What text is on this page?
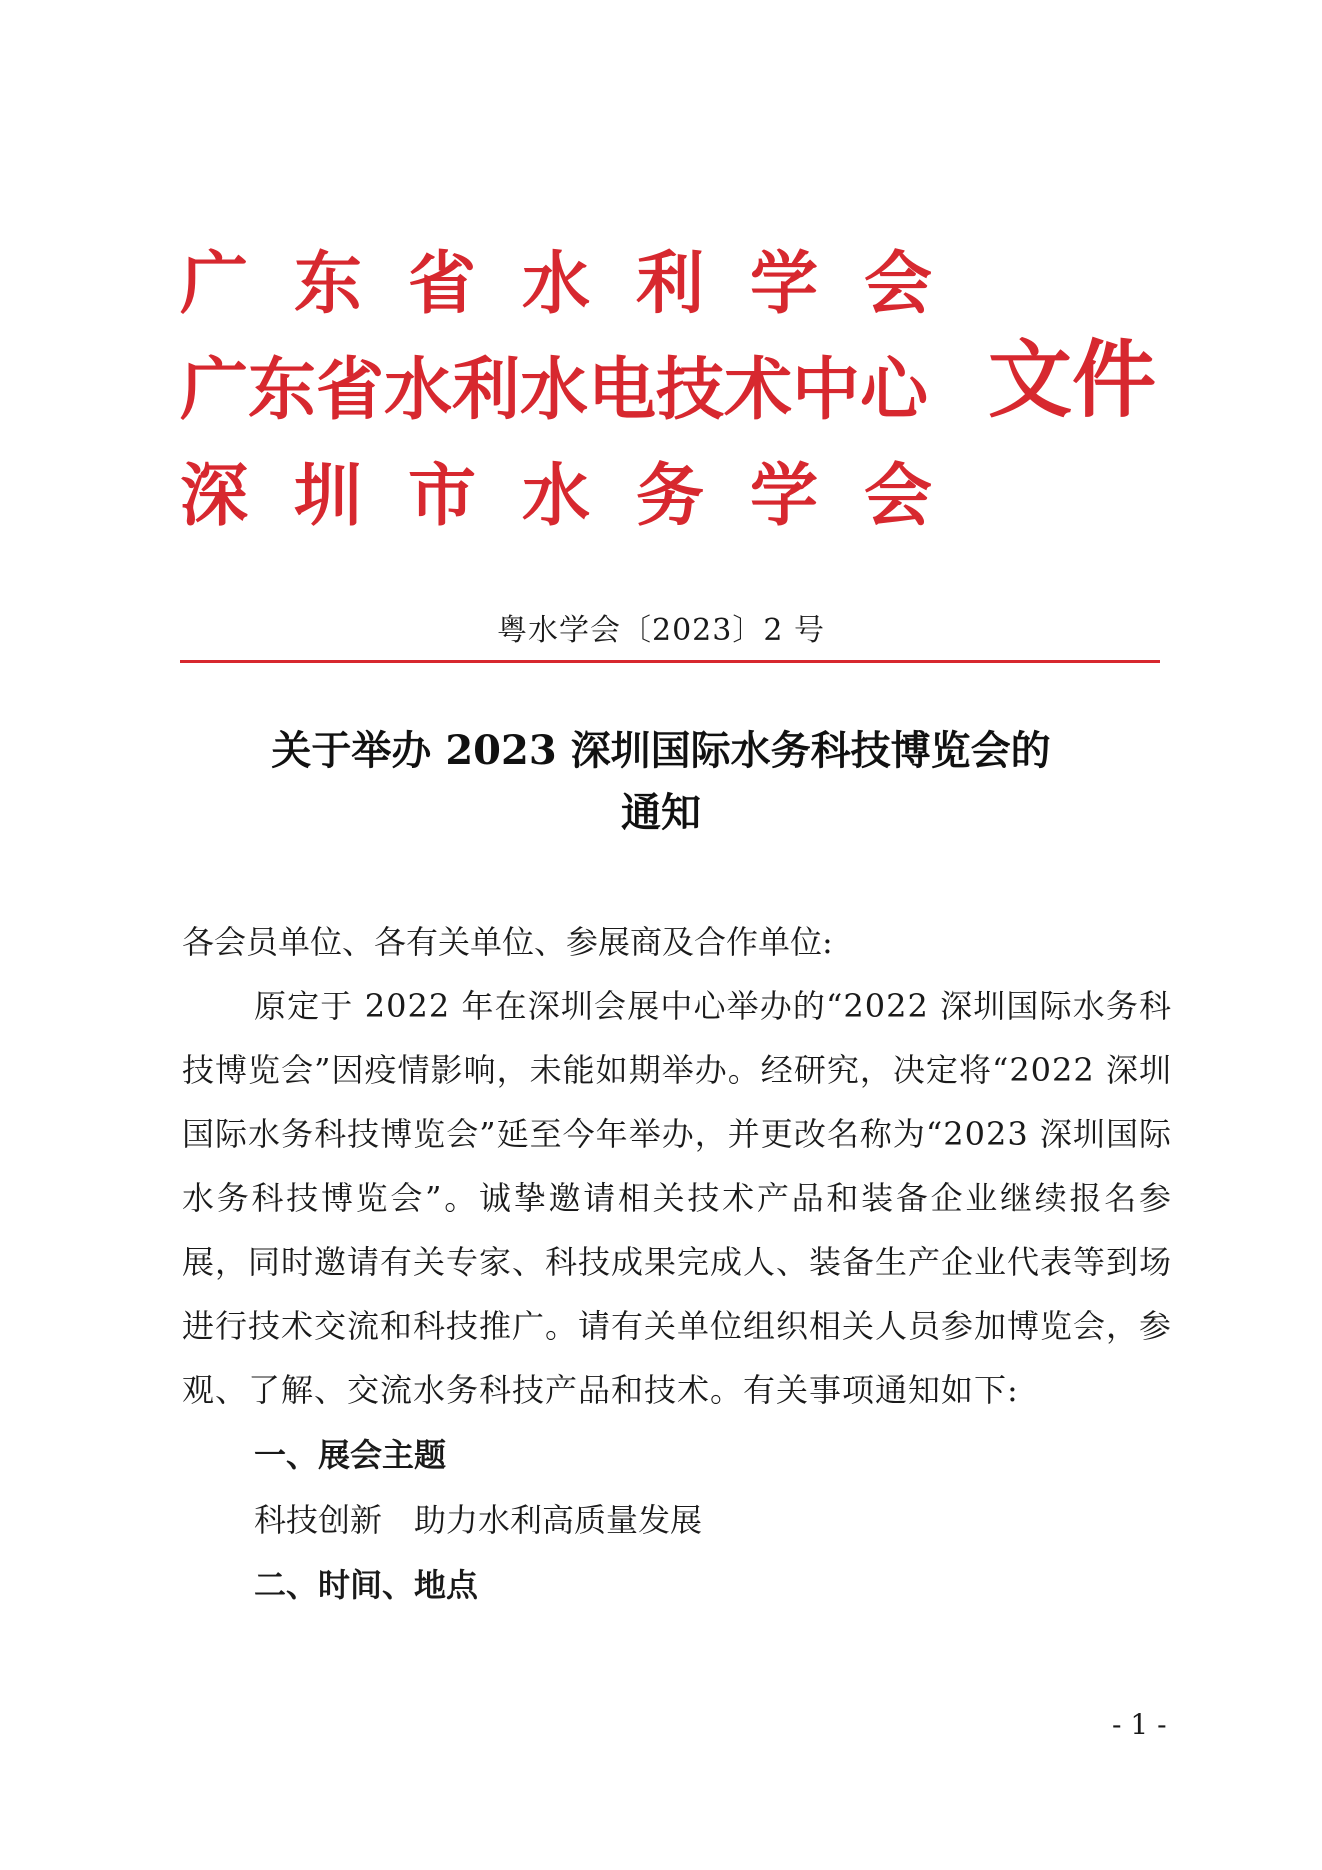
广东省水利学会
广东省水利水电技术中心
深圳市水务学会
文件
粤水学会〔2023〕2 号
关于举办 2023 深圳国际水务科技博览会的
通知

各会员单位、各有关单位、参展商及合作单位:

原定于 2022 年在深圳会展中心举办的“2022 深圳国际水务科技博览会”因疫情影响，未能如期举办。经研究，决定将“2022 深圳国际水务科技博览会”延至今年举办，并更改名称为“2023 深圳国际水务科技博览会”。诚挚邀请相关技术产品和装备企业继续报名参展，同时邀请有关专家、科技成果完成人、装备生产企业代表等到场进行技术交流和科技推广。请有关单位组织相关人员参加博览会，参观、了解、交流水务科技产品和技术。有关事项通知如下:

一、展会主题

科技创新　助力水利高质量发展

二、时间、地点

- 1 -
